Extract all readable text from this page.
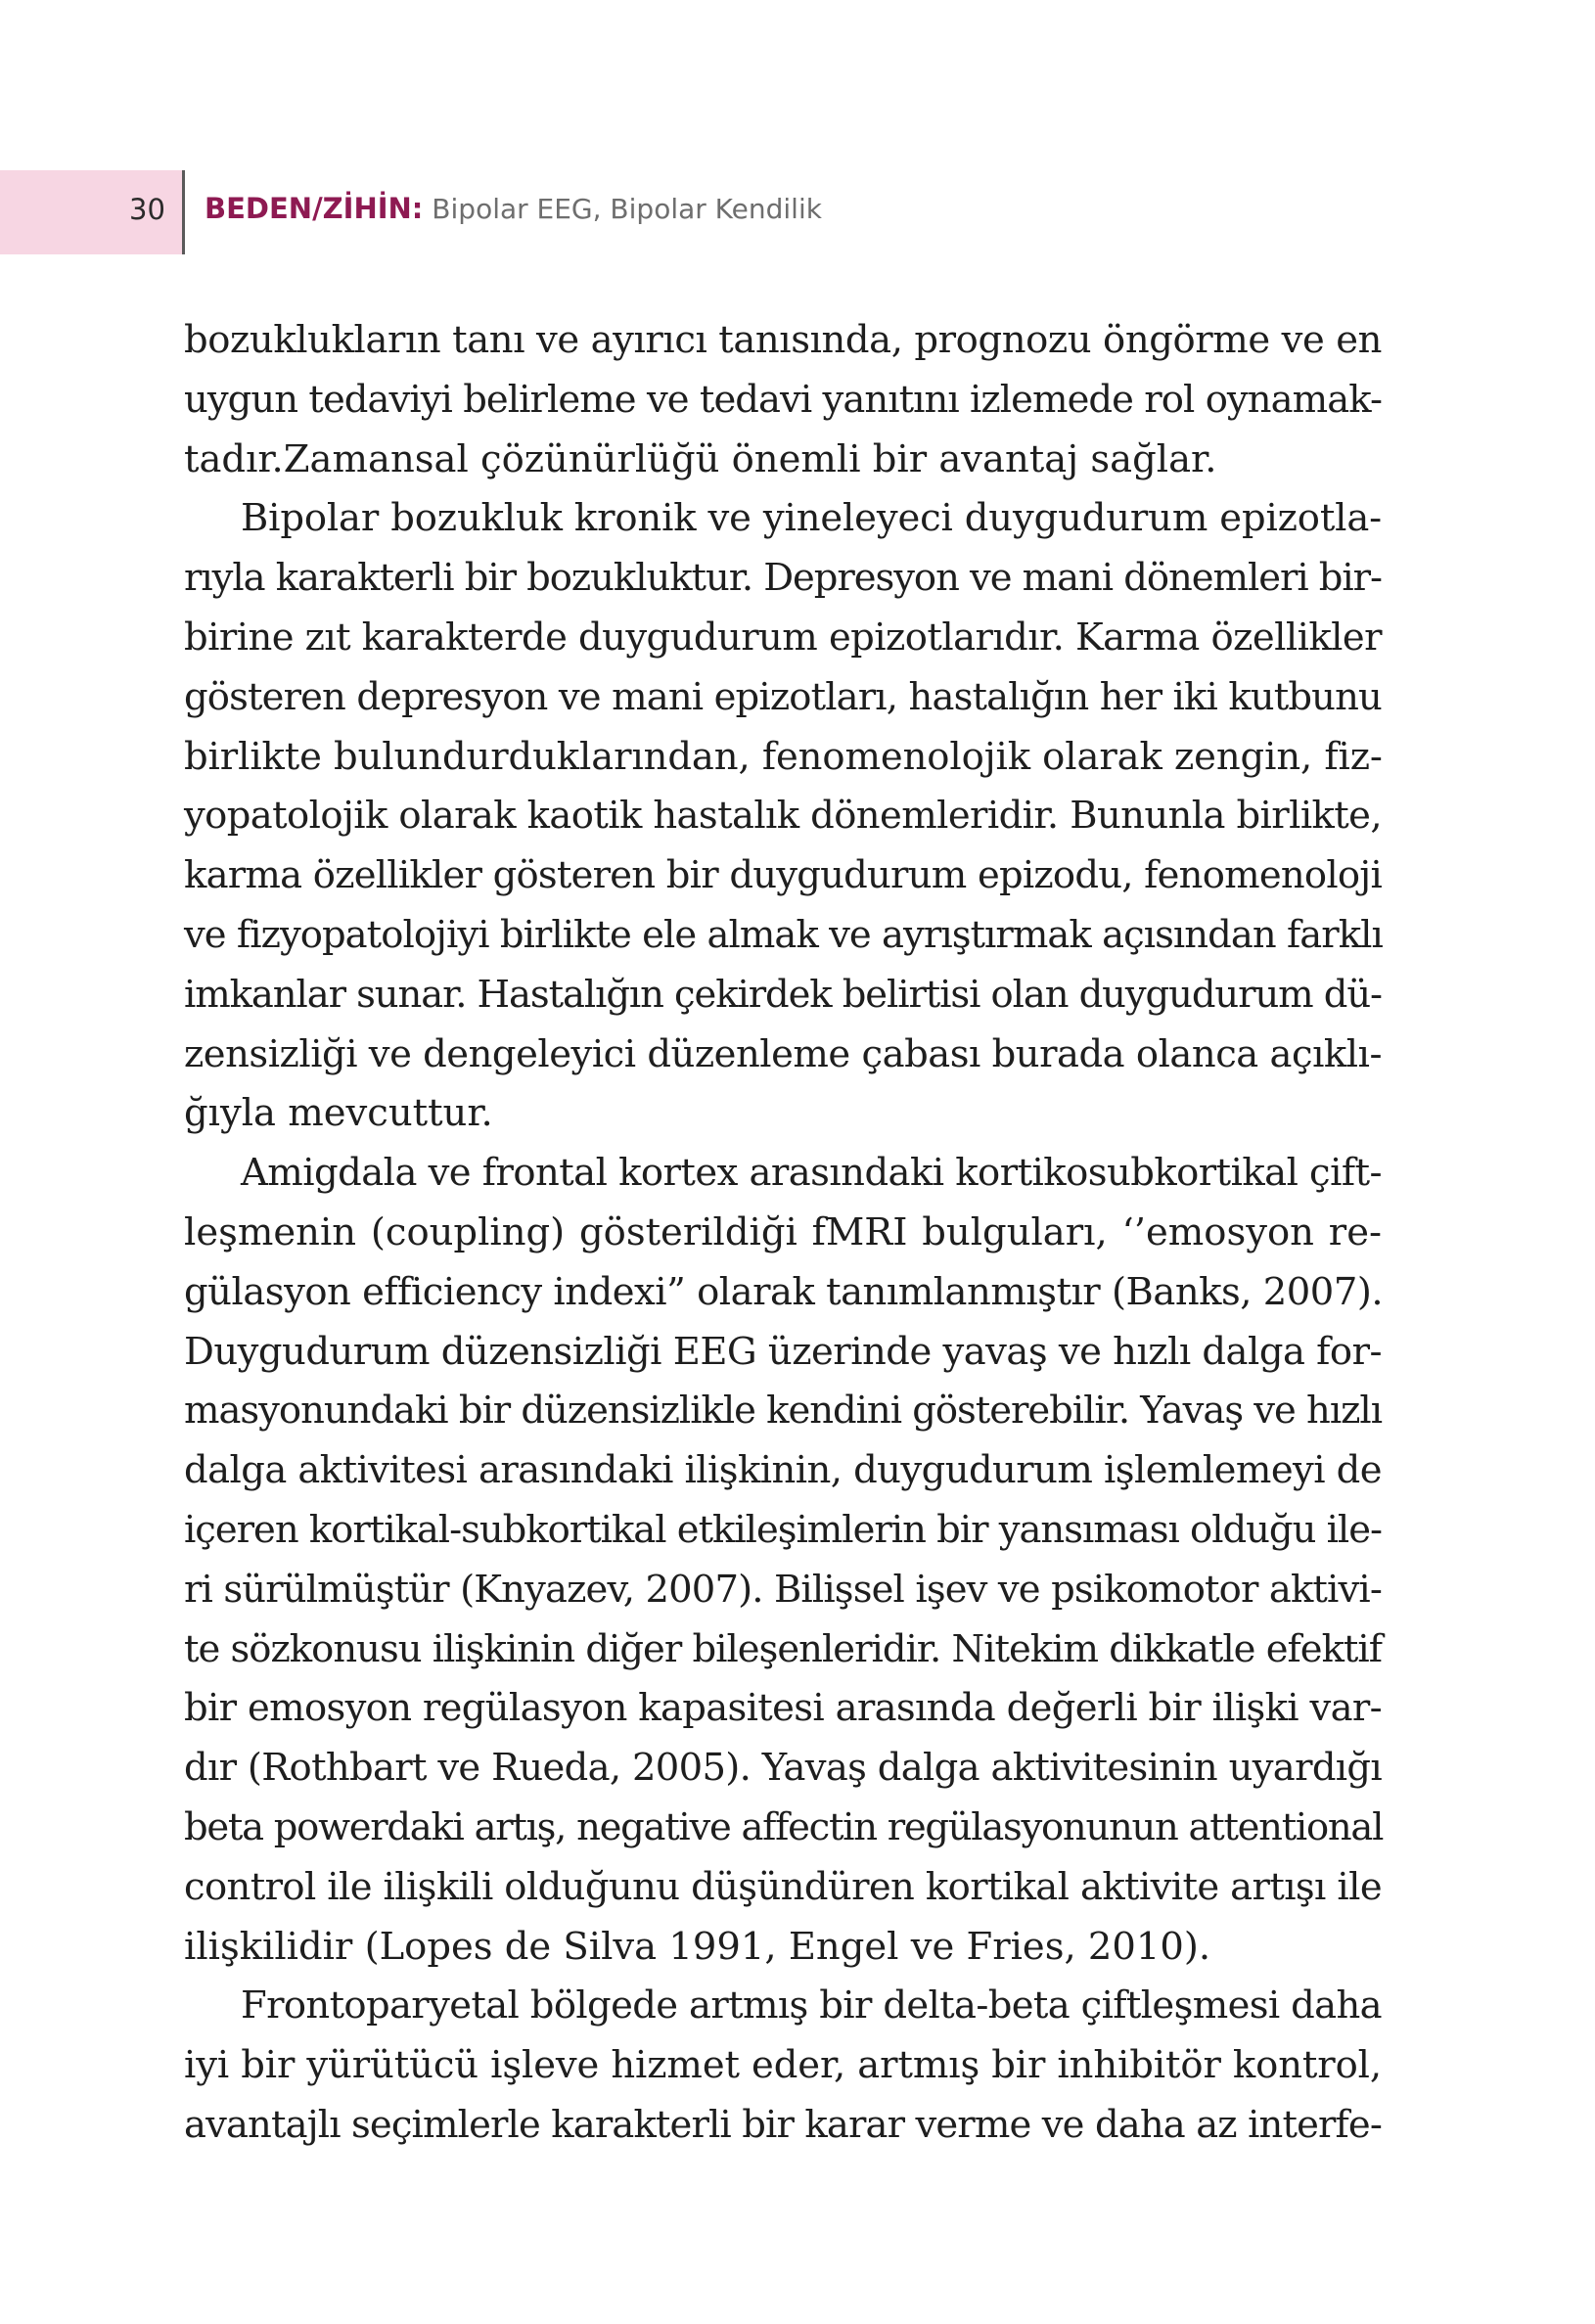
30 BEDEN/ZİHİN: Bipolar EEG, Bipolar Kendilik
bozuklukların tanı ve ayırıcı tanısında, prognozu öngörme ve en
uygun tedaviyi belirleme ve tedavi yanıtını izlemede rol oynamak-
tadır.Zamansal çözünürlüğü önemli bir avantaj sağlar.
Bipolar bozukluk kronik ve yineleyeci duygudurum epizotla-
rıyla karakterli bir bozukluktur. Depresyon ve mani dönemleri bir-
birine zıt karakterde duygudurum epizotlarıdır. Karma özellikler
gösteren depresyon ve mani epizotları, hastalığın her iki kutbunu
birlikte bulundurduklarından, fenomenolojik olarak zengin, fiz-
yopatolojik olarak kaotik hastalık dönemleridir. Bununla birlikte,
karma özellikler gösteren bir duygudurum epizodu, fenomenoloji
ve fizyopatolojiyi birlikte ele almak ve ayrıştırmak açısından farklı
imkanlar sunar. Hastalığın çekirdek belirtisi olan duygudurum dü-
zensizliği ve dengeleyici düzenleme çabası burada olanca açıklı-
ğıyla mevcuttur.
Amigdala ve frontal kortex arasındaki kortikosubkortikal çift-
leşmenin (coupling) gösterildiği fMRI bulguları, ‘’emosyon re-
gülasyon efficiency indexi” olarak tanımlanmıştır (Banks, 2007).
Duygudurum düzensizliği EEG üzerinde yavaş ve hızlı dalga for-
masyonundaki bir düzensizlikle kendini gösterebilir. Yavaş ve hızlı
dalga aktivitesi arasındaki ilişkinin, duygudurum işlemlemeyi de
içeren kortikal-subkortikal etkileşimlerin bir yansıması olduğu ile-
ri sürülmüştür (Knyazev, 2007). Bilişsel işev ve psikomotor aktivi-
te sözkonusu ilişkinin diğer bileşenleridir. Nitekim dikkatle efektif
bir emosyon regülasyon kapasitesi arasında değerli bir ilişki var-
dır (Rothbart ve Rueda, 2005). Yavaş dalga aktivitesinin uyardığı
beta powerdaki artış, negative affectin regülasyonunun attentional
control ile ilişkili olduğunu düşündüren kortikal aktivite artışı ile
ilişkilidir (Lopes de Silva 1991, Engel ve Fries, 2010).
Frontoparyetal bölgede artmış bir delta-beta çiftleşmesi daha
iyi bir yürütücü işleve hizmet eder, artmış bir inhibitör kontrol,
avantajlı seçimlerle karakterli bir karar verme ve daha az interfe-
